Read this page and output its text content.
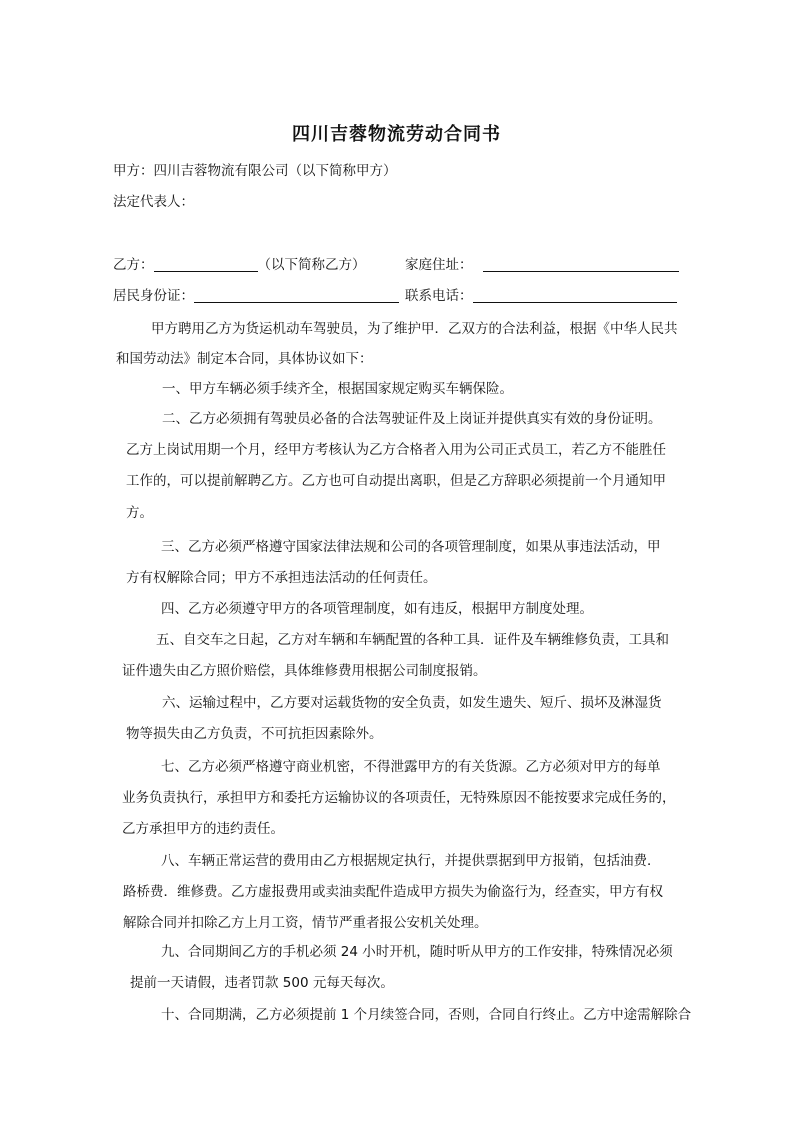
四川吉蓉物流劳动合同书
甲方：四川吉蓉物流有限公司（以下简称甲方）
法定代表人：
乙方：	（以下简称乙方）	家庭住址：
居民身份证：	联系电话：
甲方聘用乙方为货运机动车驾驶员，为了维护甲．乙双方的合法利益，根据《中华人民共
和国劳动法》制定本合同，具体协议如下：
一、甲方车辆必须手续齐全，根据国家规定购买车辆保险。
二、乙方必须拥有驾驶员必备的合法驾驶证件及上岗证并提供真实有效的身份证明。
乙方上岗试用期一个月，经甲方考核认为乙方合格者入用为公司正式员工，若乙方不能胜任
工作的，可以提前解聘乙方。乙方也可自动提出离职，但是乙方辞职必须提前一个月通知甲
方。
三、乙方必须严格遵守国家法律法规和公司的各项管理制度，如果从事违法活动，甲
方有权解除合同；甲方不承担违法活动的任何责任。
四、乙方必须遵守甲方的各项管理制度，如有违反，根据甲方制度处理。
五、自交车之日起，乙方对车辆和车辆配置的各种工具．证件及车辆维修负责，工具和
证件遗失由乙方照价赔偿，具体维修费用根据公司制度报销。
六、运输过程中，乙方要对运载货物的安全负责，如发生遗失、短斤、损坏及淋湿货
物等损失由乙方负责，不可抗拒因素除外。
七、乙方必须严格遵守商业机密，不得泄露甲方的有关货源。乙方必须对甲方的每单
业务负责执行，承担甲方和委托方运输协议的各项责任，无特殊原因不能按要求完成任务的，
乙方承担甲方的违约责任。
八、车辆正常运营的费用由乙方根据规定执行，并提供票据到甲方报销，包括油费．
路桥费．维修费。乙方虚报费用或卖油卖配件造成甲方损失为偷盗行为，经查实，甲方有权
解除合同并扣除乙方上月工资，情节严重者报公安机关处理。
九、合同期间乙方的手机必须 24 小时开机，随时听从甲方的工作安排，特殊情况必须
提前一天请假，违者罚款 500 元每天每次。
十、合同期满，乙方必须提前 1 个月续签合同，否则，合同自行终止。乙方中途需解除合
